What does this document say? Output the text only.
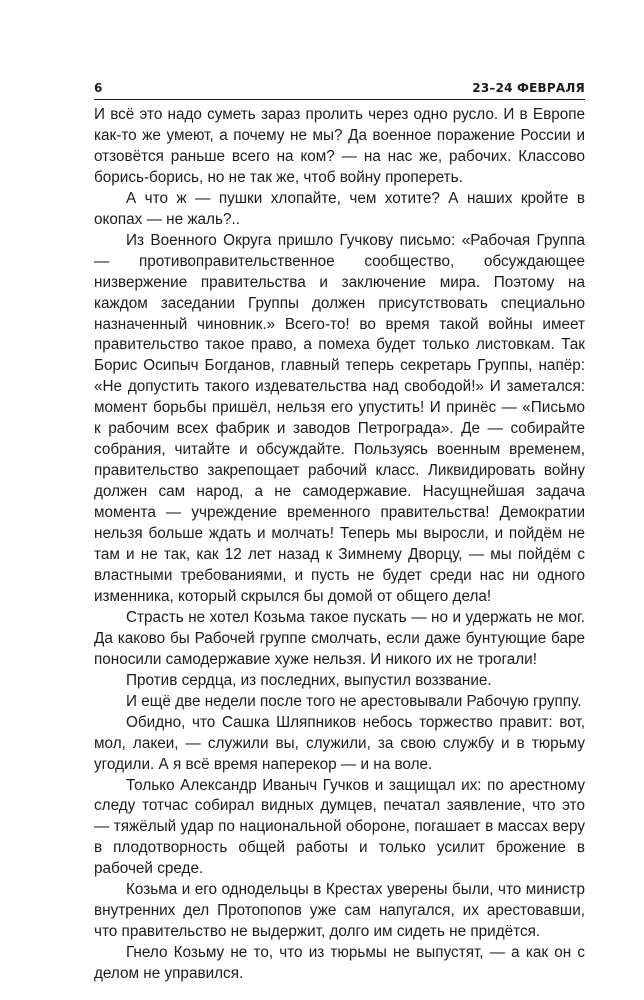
6	23–24 ФЕВРАЛЯ

И всё это надо суметь зараз пролить через одно русло. И в Европе как-то же умеют, а почему не мы? Да военное поражение России и отзовётся раньше всего на ком? — на нас же, рабочих. Классово борись-борись, но не так же, чтоб войну пропереть.

А что ж — пушки хлопайте, чем хотите? А наших кройте в окопах — не жаль?..

Из Военного Округа пришло Гучкову письмо: «Рабочая Группа — противоправительственное сообщество, обсуждающее низвержение правительства и заключение мира. Поэтому на каждом заседании Группы должен присутствовать специально назначенный чиновник.» Всего-то! во время такой войны имеет правительство такое право, а помеха будет только листовкам. Так Борис Осипыч Богданов, главный теперь секретарь Группы, напёр: «Не допустить такого издевательства над свободой!» И заметался: момент борьбы пришёл, нельзя его упустить! И принёс — «Письмо к рабочим всех фабрик и заводов Петрограда». Де — собирайте собрания, читайте и обсуждайте. Пользуясь военным временем, правительство закрепощает рабочий класс. Ликвидировать войну должен сам народ, а не самодержавие. Насущнейшая задача момента — учреждение временного правительства! Демократии нельзя больше ждать и молчать! Теперь мы выросли, и пойдём не там и не так, как 12 лет назад к Зимнему Дворцу, — мы пойдём с властными требованиями, и пусть не будет среди нас ни одного изменника, который скрылся бы домой от общего дела!

Страсть не хотел Козьма такое пускать — но и удержать не мог. Да каково бы Рабочей группе смолчать, если даже бунтующие баре поносили самодержавие хуже нельзя. И никого их не трогали!

Против сердца, из последних, выпустил воззвание.

И ещё две недели после того не арестовывали Рабочую группу.

Обидно, что Сашка Шляпников небось торжество правит: вот, мол, лакеи, — служили вы, служили, за свою службу и в тюрьму угодили. А я всё время наперекор — и на воле.

Только Александр Иваныч Гучков и защищал их: по арестному следу тотчас собирал видных думцев, печатал заявление, что это — тяжёлый удар по национальной обороне, погашает в массах веру в плодотворность общей работы и только усилит брожение в рабочей среде.

Козьма и его однодельцы в Крестах уверены были, что министр внутренних дел Протопопов уже сам напугался, их арестовавши, что правительство не выдержит, долго им сидеть не придётся.

Гнело Козьму не то, что из тюрьмы не выпустят, — а как он с делом не управился.
